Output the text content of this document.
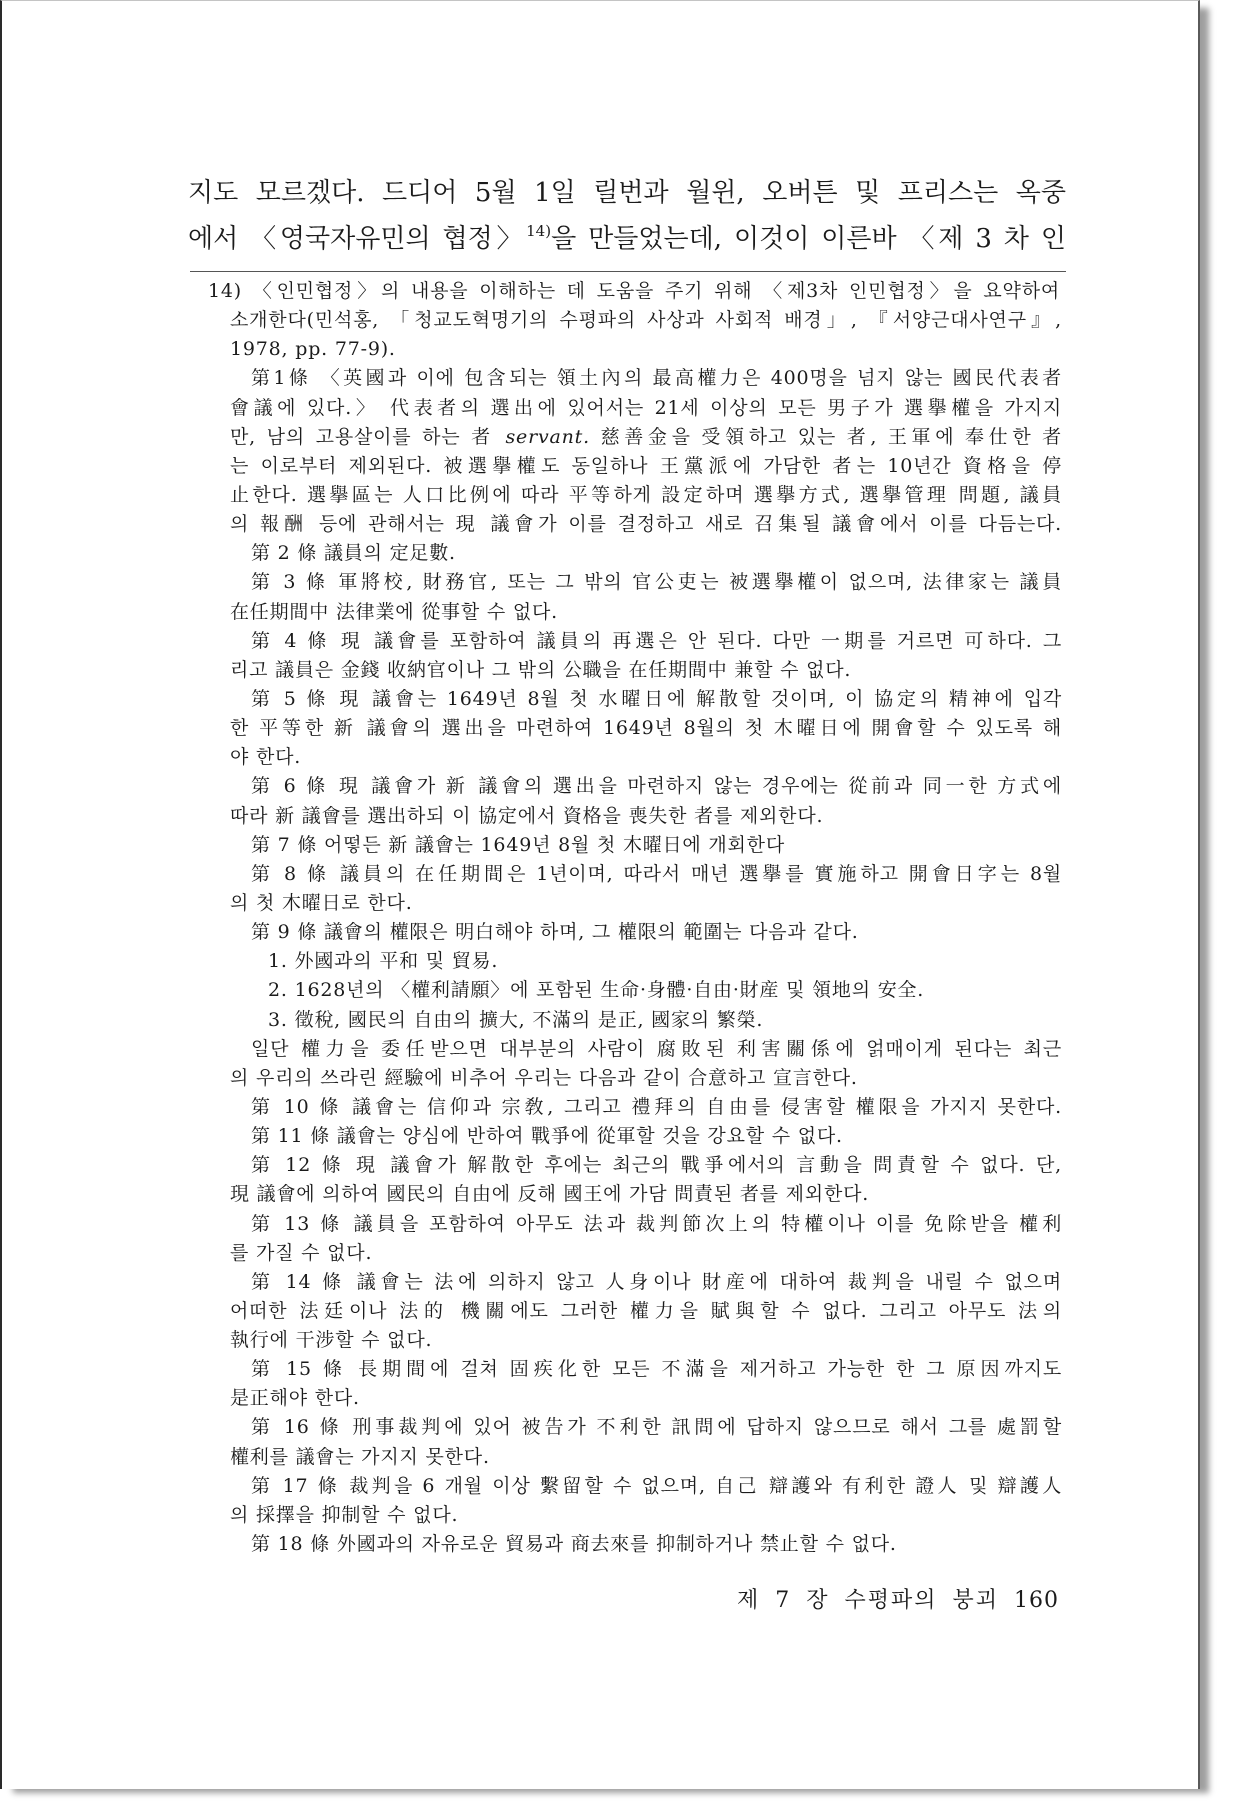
지도 모르겠다. 드디어 5월 1일 릴번과 월윈, 오버튼 및 프리스는 옥중
에서 〈영국자유민의 협정〉$^{14)}$을 만들었는데, 이것이 이른바 〈제 3 차 인
14) 〈인민협정〉의 내용을 이해하는 데 도움을 주기 위해 〈제3차 인민협정〉을 요약하여
소개한다(민석홍, 「청교도혁명기의 수평파의 사상과 사회적 배경」, 『서양근대사연구』,
1978, pp. 77-9).
第1條 〈英國과 이에 包含되는 領土內의 最高權力은 400명을 넘지 않는 國民代表者
會議에 있다.〉 代表者의 選出에 있어서는 21세 이상의 모든 男子가 選擧權을 가지지
만, 남의 고용살이를 하는 者 servant. 慈善金을 受領하고 있는 者, 王軍에 奉仕한 者
는 이로부터 제외된다. 被選擧權도 동일하나 王黨派에 가담한 者는 10년간 資格을 停
止한다. 選擧區는 人口比例에 따라 平等하게 設定하며 選擧方式, 選擧管理 問題, 議員
의 報酬 등에 관해서는 現 議會가 이를 결정하고 새로 召集될 議會에서 이를 다듬는다.
第 2 條 議員의 定足數.
第 3 條 軍將校, 財務官, 또는 그 밖의 官公吏는 被選擧權이 없으며, 法律家는 議員
在任期間中 法律業에 從事할 수 없다.
第 4 條 現 議會를 포함하여 議員의 再選은 안 된다. 다만 一期를 거르면 可하다. 그
리고 議員은 金錢 收納官이나 그 밖의 公職을 在任期間中 兼할 수 없다.
第 5 條 現 議會는 1649년 8월 첫 水曜日에 解散할 것이며, 이 協定의 精神에 입각
한 平等한 新 議會의 選出을 마련하여 1649년 8월의 첫 木曜日에 開會할 수 있도록 해
야 한다.
第 6 條 現 議會가 新 議會의 選出을 마련하지 않는 경우에는 從前과 同一한 方式에
따라 新 議會를 選出하되 이 協定에서 資格을 喪失한 者를 제외한다.
第 7 條 어떻든 新 議會는 1649년 8월 첫 木曜日에 개회한다
第 8 條 議員의 在任期間은 1년이며, 따라서 매년 選擧를 實施하고 開會日字는 8월
의 첫 木曜日로 한다.
第 9 條 議會의 權限은 明白해야 하며, 그 權限의 範圍는 다음과 같다.
1. 外國과의 平和 및 貿易.
2. 1628년의 〈權利請願〉에 포함된 生命·身體·自由·財産 및 領地의 安全.
3. 徵稅, 國民의 自由의 擴大, 不滿의 是正, 國家의 繁榮.
일단 權力을 委任받으면 대부분의 사람이 腐敗된 利害關係에 얽매이게 된다는 최근
의 우리의 쓰라린 經驗에 비추어 우리는 다음과 같이 合意하고 宣言한다.
第 10 條 議會는 信仰과 宗敎, 그리고 禮拜의 自由를 侵害할 權限을 가지지 못한다.
第 11 條 議會는 양심에 반하여 戰爭에 從軍할 것을 강요할 수 없다.
第 12 條 現 議會가 解散한 후에는 최근의 戰爭에서의 言動을 問責할 수 없다. 단,
現 議會에 의하여 國民의 自由에 反해 國王에 가담 問責된 者를 제외한다.
第 13 條 議員을 포함하여 아무도 法과 裁判節次上의 特權이나 이를 免除받을 權利
를 가질 수 없다.
第 14 條 議會는 法에 의하지 않고 人身이나 財産에 대하여 裁判을 내릴 수 없으며
어떠한 法廷이나 法的 機關에도 그러한 權力을 賦與할 수 없다. 그리고 아무도 法의
執行에 干涉할 수 없다.
第 15 條 長期間에 걸쳐 固疾化한 모든 不滿을 제거하고 가능한 한 그 原因까지도
是正해야 한다.
第 16 條 刑事裁判에 있어 被告가 不利한 訊問에 답하지 않으므로 해서 그를 處罰할
權利를 議會는 가지지 못한다.
第 17 條 裁判을 6 개월 이상 繫留할 수 없으며, 自己 辯護와 有利한 證人 및 辯護人
의 採擇을 抑制할 수 없다.
第 18 條 外國과의 자유로운 貿易과 商去來를 抑制하거나 禁止할 수 없다.
제 7 장 수평파의 붕괴 160
